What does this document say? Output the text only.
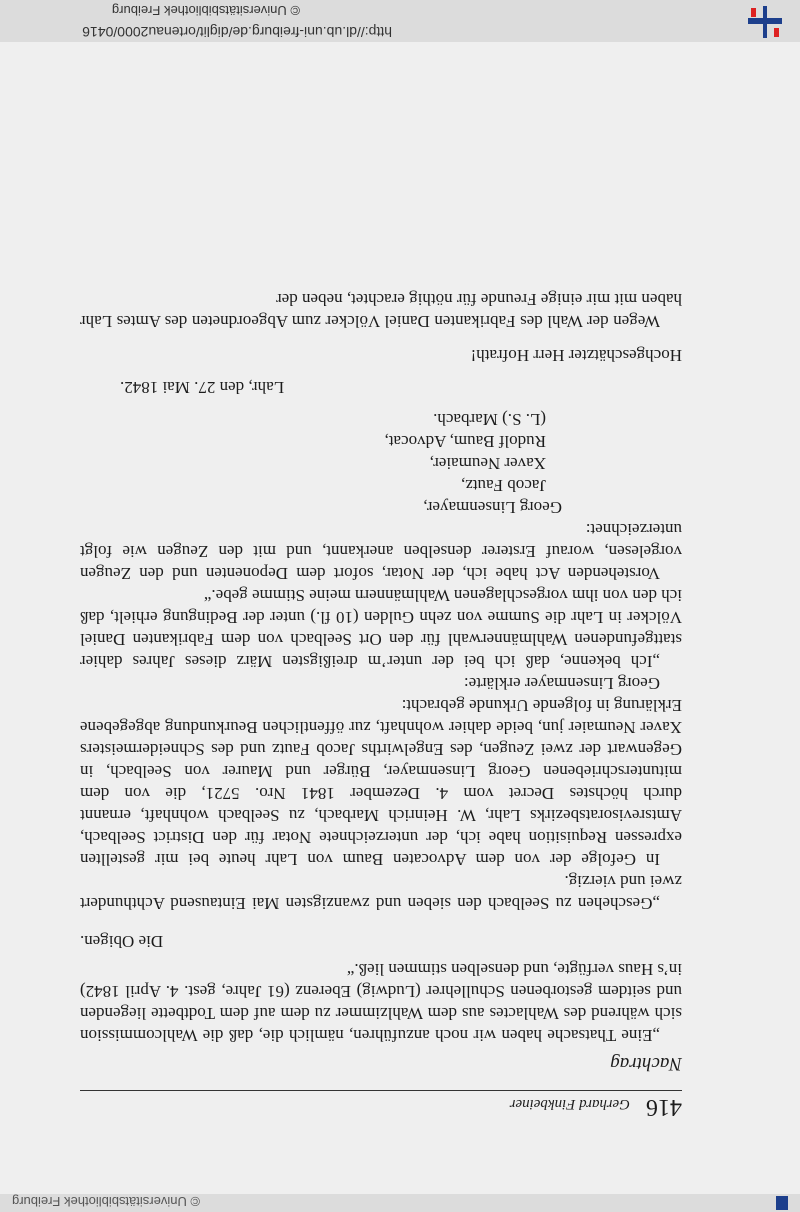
© Universitätsbibliothek Freiburg
http://dl.ub.uni-freiburg.de/diglit/ortenau2000/0416
416
Gerhard Finkbeiner
Nachtrag

„Eine Thatsache haben wir noch anzuführen, nämlich die, daß die Wahlcommission sich während des Wahlactes aus dem Wahlzimmer zu dem auf dem Todtbette liegenden und seitdem gestorbenen Schullehrer (Ludwig) Eberenz (61 Jahre, gest. 4. April 1842) in’s Haus verfügte, und denselben stimmen ließ.“

Die Obigen.

„Geschehen zu Seelbach den sieben und zwanzigsten Mai Eintausend Achthundert zwei und vierzig.

In Gefolge der von dem Advocaten Baum von Lahr heute bei mir gestellten expressen Requisition habe ich, der unterzeichnete Notar für den District Seelbach, Amtsrevisoratsbezirks Lahr, W. Heinrich Marbach, zu Seelbach wohnhaft, ernannt durch höchstes Decret vom 4. Dezember 1841 Nro. 5721, die von dem mitunterschriebenen Georg Linsenmayer, Bürger und Maurer von Seelbach, in Gegenwart der zwei Zeugen, des Engelwirths Jacob Fautz und des Schneidermeisters Xaver Neumaier jun, beide dahier wohnhaft, zur öffentlichen Beurkundung abgegebene Erklärung in folgende Urkunde gebracht:

Georg Linsenmayer erklärte:

„Ich bekenne, daß ich bei der unter’m dreißigsten März dieses Jahres dahier stattgefundenen Wahlmännerwahl für den Ort Seelbach von dem Fabrikanten Daniel Völcker in Lahr die Summe von zehn Gulden (10 fl.) unter der Bedingung erhielt, daß ich den von ihm vorgeschlagenen Wahlmännern meine Stimme gebe.“

Vorstehenden Act habe ich, der Notar, sofort dem Deponenten und den Zeugen vorgelesen, worauf Ersterer denselben anerkannt, und mit den Zeugen wie folgt unterzeichnet:

Georg Linsenmayer,
Jacob Fautz,
Xaver Neumaier,
Rudolf Baum, Advocat,
(L. S.) Marbach.

Lahr, den 27. Mai 1842.

Hochgeschätzter Herr Hofrath!

Wegen der Wahl des Fabrikanten Daniel Völcker zum Abgeordneten des Amtes Lahr haben mit mir einige Freunde für nöthig erachtet, neben der

© Universitätsbibliothek Freiburg
